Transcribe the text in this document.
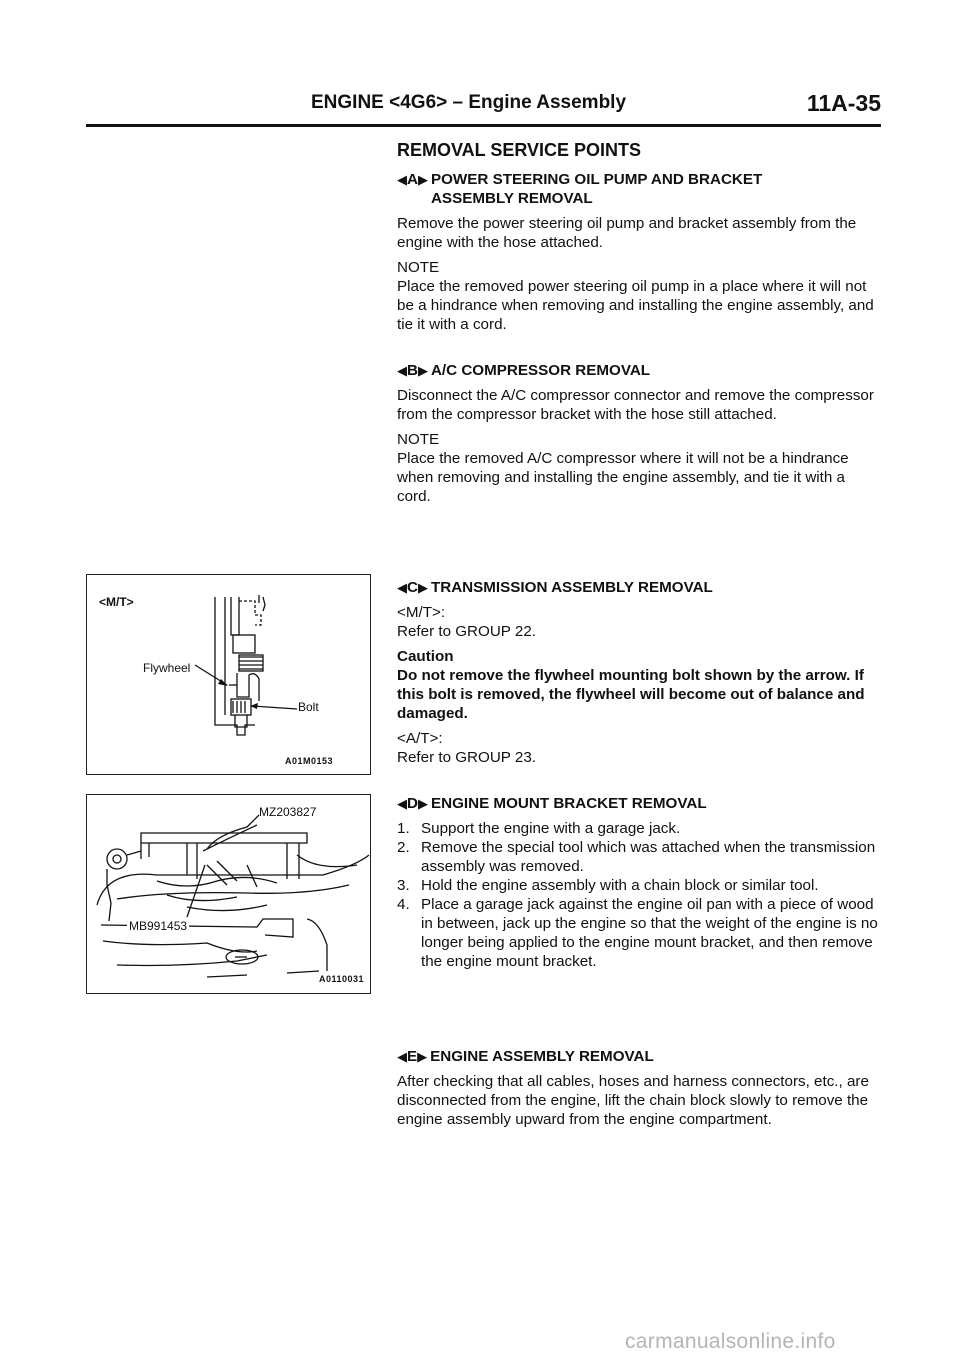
ENGINE <4G6> – Engine Assembly	11A-35
REMOVAL SERVICE POINTS
◀ A ▶ POWER STEERING OIL PUMP AND BRACKET
ASSEMBLY REMOVAL

Remove the power steering oil pump and bracket assembly from the engine with the hose attached.

NOTE

Place the removed power steering oil pump in a place where it will not be a hindrance when removing and installing the engine assembly, and tie it with a cord.

◀ B ▶ A/C COMPRESSOR REMOVAL

Disconnect the A/C compressor connector and remove the compressor from the compressor bracket with the hose still attached.

NOTE

Place the removed A/C compressor where it will not be a hindrance when removing and installing the engine assembly, and tie it with a cord.

◀ C ▶ TRANSMISSION ASSEMBLY REMOVAL

<M/T>:

Refer to GROUP 22.

Caution

Do not remove the flywheel mounting bolt shown by the arrow. If this bolt is removed, the flywheel will become out of balance and damaged.

<A/T>:

Refer to GROUP 23.

◀ D ▶ ENGINE MOUNT BRACKET REMOVAL
1. Support the engine with a garage jack.
2. Remove the special tool which was attached when the transmission assembly was removed.
3. Hold the engine assembly with a chain block or similar tool.
4. Place a garage jack against the engine oil pan with a piece of wood in between, jack up the engine so that the weight of the engine is no longer being applied to the engine mount bracket, and then remove the engine mount bracket.
◀ E ▶ ENGINE ASSEMBLY REMOVAL

After checking that all cables, hoses and harness connectors, etc., are disconnected from the engine, lift the chain block slowly to remove the engine assembly upward from the engine compartment.

<M/T>
Flywheel
Bolt
A01M0153
MZ203827
MB991453
A0110031
carmanualsonline.info
